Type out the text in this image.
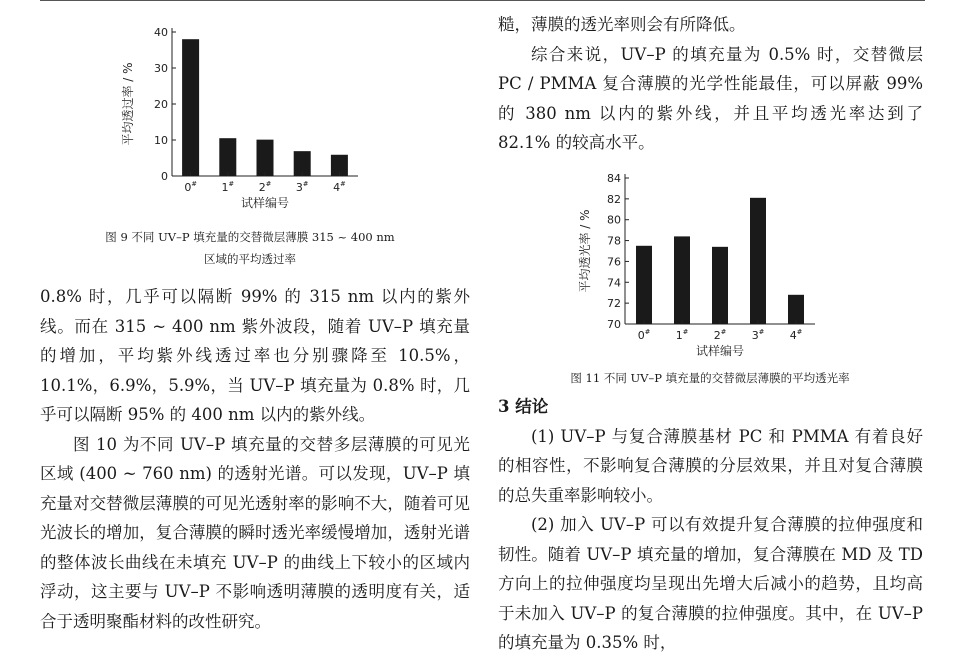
0
10
20
30
40
0# 1# 2# 3# 4#
试样编号
平均透过率 / %
图 9 不同 UV–P 填充量的交替微层薄膜 315 ~ 400 nm
区域的平均透过率

0.8% 时，几乎可以隔断 99% 的 315 nm 以内的紫外线。而在 315 ~ 400 nm 紫外波段，随着 UV–P 填充量的增加，平均紫外线透过率也分别骤降至 10.5%，10.1%，6.9%，5.9%，当 UV–P 填充量为 0.8% 时，几乎可以隔断 95% 的 400 nm 以内的紫外线。

图 10 为不同 UV–P 填充量的交替多层薄膜的可见光区域 (400 ~ 760 nm) 的透射光谱。可以发现，UV–P 填充量对交替微层薄膜的可见光透射率的影响不大，随着可见光波长的增加，复合薄膜的瞬时透光率缓慢增加，透射光谱的整体波长曲线在未填充 UV–P 的曲线上下较小的区域内浮动，这主要与 UV–P 不影响透明薄膜的透明度有关，适合于透明聚酯材料的改性研究。

糙，薄膜的透光率则会有所降低。

综合来说，UV–P 的填充量为 0.5% 时，交替微层 PC / PMMA 复合薄膜的光学性能最佳，可以屏蔽 99% 的 380 nm 以内的紫外线，并且平均透光率达到了 82.1% 的较高水平。

70
72
74
76
78
80
82
84
0# 1# 2# 3# 4#
试样编号
平均透光率 / %
图 11 不同 UV–P 填充量的交替微层薄膜的平均透光率

3 结论

(1) UV–P 与复合薄膜基材 PC 和 PMMA 有着良好的相容性，不影响复合薄膜的分层效果，并且对复合薄膜的总失重率影响较小。

(2) 加入 UV–P 可以有效提升复合薄膜的拉伸强度和韧性。随着 UV–P 填充量的增加，复合薄膜在 MD 及 TD 方向上的拉伸强度均呈现出先增大后减小的趋势，且均高于未加入 UV–P 的复合薄膜的拉伸强度。其中，在 UV–P 的填充量为 0.35% 时，
